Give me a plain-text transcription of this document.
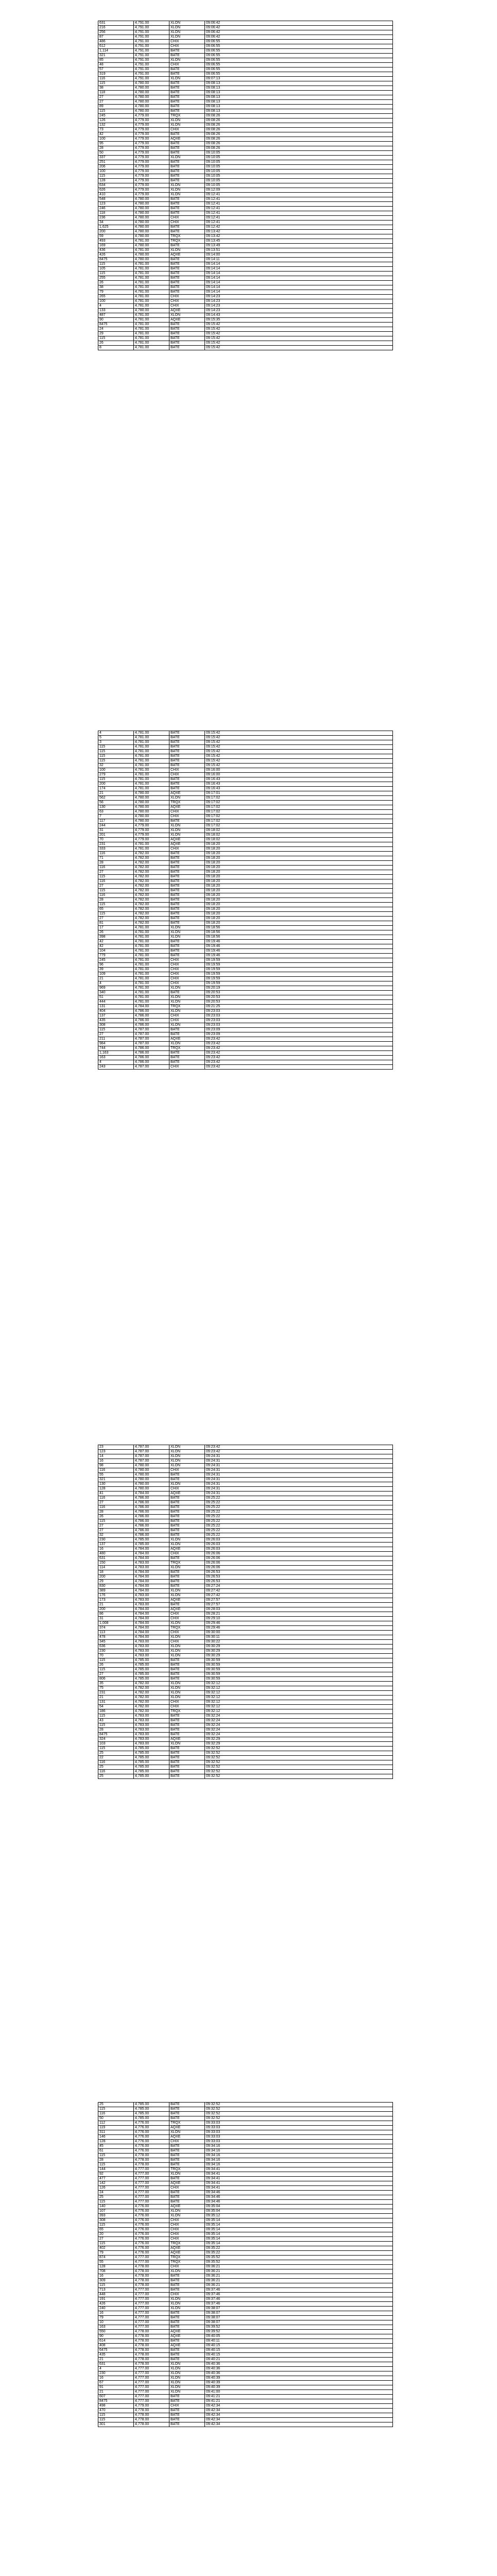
631	4,791.00	XLON	09:06:42
216	4,791.00	XLON	09:06:42
256	4,791.00	XLON	09:06:42
87	4,791.00	XLON	09:06:42
486	4,791.00	CHIX	09:06:55
612	4,791.00	CHIX	09:06:55
1,114	4,791.00	BATE	09:06:55
321	4,791.00	BATE	09:06:55
85	4,791.00	XLON	09:06:55
48	4,791.00	CHIX	09:06:55
57	4,791.00	BATE	09:06:55
319	4,791.00	BATE	09:06:55
116	4,791.00	XLON	09:07:13
115	4,780.00	BATE	09:08:13
38	4,780.00	BATE	09:08:13
118	4,780.00	BATE	09:08:13
27	4,780.00	BATE	09:08:13
27	4,780.00	BATE	09:08:13
89	4,780.00	BATE	09:08:13
115	4,780.00	BATE	09:08:13
245	4,779.00	TRQX	09:08:26
126	4,779.00	XLON	09:08:26
132	4,779.00	XLON	09:08:26
73	4,779.00	CHIX	09:08:26
42	4,779.00	BATE	09:08:26
100	4,779.00	AQXE	09:08:26
95	4,779.00	BATE	09:08:26
28	4,779.00	BATE	09:08:26
50	4,779.00	BATE	09:10:05
337	4,779.00	XLON	09:10:05
251	4,779.00	BATE	09:10:05
206	4,779.00	BATE	09:10:05
100	4,779.00	BATE	09:10:05
115	4,779.00	BATE	09:10:05
128	4,779.00	BATE	09:10:05
634	4,779.00	XLON	09:10:05
626	4,779.00	XLON	09:12:09
410	4,779.00	XLON	09:12:41
548	4,780.00	BATE	09:12:41
123	4,780.00	BATE	09:12:41
246	4,780.00	BATE	09:12:41
118	4,780.00	BATE	09:12:41
236	4,780.00	CHIX	09:12:41
34	4,780.00	CHIX	09:12:41
1,625	4,780.00	BATE	09:12:42
200	4,780.00	BATE	09:13:42
59	4,780.00	TRQX	09:13:42
493	4,781.00	TRQX	09:13:45
169	4,780.00	BATE	09:13:49
436	4,781.00	XLON	09:13:51
426	4,780.00	AQXE	09:14:00
8475	4,780.00	BATE	09:14:11
115	4,781.00	BATE	09:14:14
105	4,781.00	BATE	09:14:14
115	4,781.00	BATE	09:14:14
255	4,781.00	BATE	09:14:14
26	4,781.00	BATE	09:14:14
38	4,781.00	BATE	09:14:14
79	4,781.00	BATE	09:14:14
265	4,781.00	CHIX	09:14:23
100	4,781.00	CHIX	09:14:23
4	4,781.00	CHIX	09:14:23
133	4,780.00	AQXE	09:14:23
487	4,781.00	XLON	09:14:43
90	4,781.00	AQXE	09:15:35
8475	4,781.00	BATE	09:15:42
24	4,781.00	BATE	09:15:42
29	4,781.00	BATE	09:15:42
115	4,781.00	BATE	09:15:42
26	4,781.00	BATE	09:15:42
8	4,781.00	BATE	09:15:42
4	4,781.00	BATE	09:15:42
5	4,781.00	BATE	09:15:42
3	4,781.00	BATE	09:15:42
115	4,781.00	BATE	09:15:42
115	4,781.00	BATE	09:15:42
115	4,781.00	BATE	09:15:42
115	4,781.00	BATE	09:15:42
32	4,781.00	BATE	09:15:42
100	4,781.00	CHIX	09:16:00
279	4,781.00	CHIX	09:16:00
115	4,781.00	BATE	09:16:43
200	4,781.00	BATE	09:16:43
174	4,781.00	BATE	09:16:43
21	4,780.00	AQXE	09:17:01
562	4,780.00	XLON	09:17:02
56	4,780.00	TRQX	09:17:02
130	4,780.00	AQXE	09:17:02
63	4,780.00	CHIX	09:17:02
7	4,780.00	CHIX	09:17:02
117	4,780.00	BATE	09:17:02
244	4,779.00	XLON	09:17:02
31	4,779.00	XLON	09:18:02
201	4,779.00	XLON	09:18:02
70	4,779.00	AQXE	09:18:02
231	4,781.00	AQXE	09:18:20
333	4,781.00	CHIX	09:18:20
116	4,782.00	BATE	09:18:20
71	4,782.00	BATE	09:18:20
28	4,782.00	BATE	09:18:20
116	4,782.00	BATE	09:18:20
27	4,782.00	BATE	09:18:20
115	4,782.00	BATE	09:18:20
116	4,782.00	BATE	09:18:20
27	4,782.00	BATE	09:18:20
115	4,782.00	BATE	09:18:20
116	4,782.00	BATE	09:18:20
28	4,782.00	BATE	09:18:20
115	4,782.00	BATE	09:18:20
65	4,782.00	BATE	09:18:20
115	4,782.00	BATE	09:18:20
27	4,782.00	BATE	09:18:20
81	4,782.00	BATE	09:18:20
17	4,781.00	XLON	09:18:56
26	4,781.00	XLON	09:18:56
398	4,781.00	XLON	09:18:56
42	4,781.00	BATE	09:19:46
42	4,781.00	BATE	09:19:46
104	4,781.00	BATE	09:19:46
779	4,781.00	BATE	09:19:46
245	4,781.00	CHIX	09:19:59
96	4,781.00	CHIX	09:19:59
39	4,781.00	CHIX	09:19:59
109	4,781.00	CHIX	09:19:59
21	4,781.00	CHIX	09:19:59
4	4,781.00	CHIX	09:19:59
969	4,781.00	XLON	09:20:19
340	4,781.00	BATE	09:20:53
51	4,781.00	XLON	09:20:53
444	4,781.00	XLON	09:20:53
131	4,784.00	TRQX	09:21:25
404	4,786.00	XLON	09:23:03
137	4,786.00	CHIX	09:23:03
435	4,786.00	CHIX	09:23:03
308	4,786.00	XLON	09:23:03
115	4,787.00	BATE	09:23:09
27	4,787.00	BATE	09:23:09
211	4,787.00	AQXE	09:23:42
984	4,787.00	XLON	09:23:42
744	4,786.00	TRQX	09:23:42
1,163	4,786.00	BATE	09:23:42
163	4,786.00	BATE	09:23:42
4	4,786.00	BATE	09:23:42
243	4,787.00	CHIX	09:23:42
23	4,787.00	XLON	09:23:42
123	4,787.00	XLON	09:23:42
14	4,787.00	XLON	09:24:31
16	4,787.00	XLON	09:24:31
98	4,780.00	XLON	09:24:31
116	4,780.00	CHIX	09:24:31
55	4,780.00	BATE	09:24:31
321	4,780.00	BATE	09:24:31
130	4,780.00	XLON	09:24:31
128	4,780.00	CHIX	09:24:31
41	4,784.00	AQXE	09:24:31
116	4,786.00	BATE	09:25:22
27	4,786.00	BATE	09:25:22
116	4,786.00	BATE	09:25:22
28	4,786.00	BATE	09:25:22
26	4,786.00	BATE	09:25:22
115	4,786.00	BATE	09:25:22
27	4,786.00	BATE	09:25:22
27	4,786.00	BATE	09:25:22
32	4,786.00	BATE	09:25:22
230	4,785.00	XLON	09:26:03
137	4,785.00	XLON	09:26:03
16	4,784.00	AQXE	09:26:03
480	4,784.00	CHIX	09:26:06
631	4,784.00	BATE	09:26:06
150	4,783.00	TRQX	09:26:06
114	4,783.00	XLON	09:26:06
18	4,784.00	BATE	09:26:53
200	4,784.00	BATE	09:26:53
29	4,784.00	BATE	09:26:53
830	4,784.00	BATE	09:27:24
389	4,784.00	XLON	09:27:42
176	4,783.00	XLON	09:27:42
173	4,783.00	AQXE	09:27:57
21	4,783.00	BATE	09:27:57
200	4,784.00	AQXE	09:28:03
86	4,784.00	CHIX	09:28:21
31	4,784.00	CHIX	09:29:10
1,008	4,784.00	XLON	09:29:46
374	4,784.00	TRQX	09:29:46
113	4,784.00	CHIX	09:30:00
478	4,784.00	XLON	09:30:11
345	4,783.00	CHIX	09:30:22
636	4,783.00	XLON	09:30:29
230	4,783.00	XLON	09:30:29
70	4,783.00	XLON	09:30:29
115	4,785.00	BATE	09:30:59
26	4,785.00	BATE	09:30:59
115	4,785.00	BATE	09:30:59
27	4,785.00	BATE	09:30:59
806	4,785.00	BATE	09:30:59
35	4,782.00	XLON	09:32:12
75	4,782.00	XLON	09:32:12
231	4,782.00	XLON	09:32:12
21	4,782.00	XLON	09:32:12
131	4,782.00	CHIX	09:32:12
54	4,782.00	CHIX	09:32:12
186	4,782.00	TRQX	09:32:12
115	4,783.00	BATE	09:32:24
43	4,783.00	BATE	09:32:24
115	4,783.00	BATE	09:32:24
28	4,783.00	BATE	09:32:24
8475	4,783.00	BATE	09:32:24
324	4,783.00	AQXE	09:32:29
103	4,783.00	XLON	09:32:29
115	4,785.00	BATE	09:32:52
25	4,785.00	BATE	09:32:52
22	4,785.00	BATE	09:32:52
116	4,785.00	BATE	09:32:52
25	4,785.00	BATE	09:32:52
116	4,785.00	BATE	09:32:52
25	4,785.00	BATE	09:32:52
25	4,785.00	BATE	09:32:52
115	4,785.00	BATE	09:32:52
116	4,785.00	BATE	09:32:52
50	4,785.00	BATE	09:32:52
112	4,776.00	TRQX	09:33:03
119	4,776.00	AQXE	09:33:03
311	4,776.00	XLON	09:33:03
146	4,776.00	AQXE	09:33:03
128	4,776.00	CHIX	09:33:03
45	4,776.00	BATE	09:34:16
61	4,776.00	BATE	09:34:16
115	4,778.00	BATE	09:34:16
28	4,778.00	BATE	09:34:16
115	4,778.00	BATE	09:34:16
144	4,777.00	TRQX	09:34:41
92	4,777.00	XLON	09:34:41
477	4,777.00	BATE	09:34:41
142	4,777.00	AQXE	09:34:41
126	4,777.00	CHIX	09:34:41
24	4,777.00	BATE	09:34:46
25	4,777.00	BATE	09:34:46
115	4,777.00	BATE	09:34:46
140	4,776.00	AQXE	09:35:04
107	4,776.00	XLON	09:35:04
393	4,776.00	XLON	09:35:12
308	4,776.00	CHIX	09:35:14
115	4,776.00	CHIX	09:35:14
65	4,776.00	CHIX	09:35:14
20	4,776.00	CHIX	09:35:14
27	4,776.00	CHIX	09:35:14
115	4,776.00	TRQX	09:35:14
402	4,776.00	AQXE	09:35:22
79	4,776.00	AQXE	09:35:22
874	4,777.00	TRQX	09:35:52
55	4,777.00	TRQX	09:35:52
128	4,778.00	CHIX	09:36:21
708	4,778.00	XLON	09:36:21
16	4,778.00	BATE	09:36:21
309	4,778.00	BATE	09:36:21
115	4,778.00	BATE	09:36:21
713	4,777.00	BATE	09:37:46
448	4,777.00	CHIX	09:37:46
191	4,777.00	XLON	09:37:46
426	4,777.00	XLON	09:37:46
240	4,777.00	XLON	09:38:07
16	4,777.00	BATE	09:38:07
79	4,777.00	BATE	09:38:07
10	4,777.00	BATE	09:38:07
163	4,777.00	BATE	09:39:52
550	4,778.00	AQXE	09:39:52
90	4,778.00	AQXE	09:40:05
614	4,778.00	BATE	09:40:11
408	4,778.00	AQXE	09:40:15
6475	4,778.00	BATE	09:40:15
435	4,778.00	BATE	09:40:15
21	4,778.00	BATE	09:40:21
631	4,778.00	XLON	09:40:36
4	4,777.00	XLON	09:40:36
230	4,777.00	XLON	09:40:36
16	4,777.00	XLON	09:40:39
67	4,777.00	XLON	09:40:39
91	4,777.00	XLON	09:40:39
21	4,777.00	XLON	09:41:00
607	4,777.00	BATE	09:41:21
8475	4,777.00	BATE	09:41:21
498	4,779.00	CHIX	09:42:34
470	4,778.00	BATE	09:42:34
115	4,778.00	BATE	09:42:34
115	4,778.00	BATE	09:42:34
301	4,778.00	BATE	09:42:34
